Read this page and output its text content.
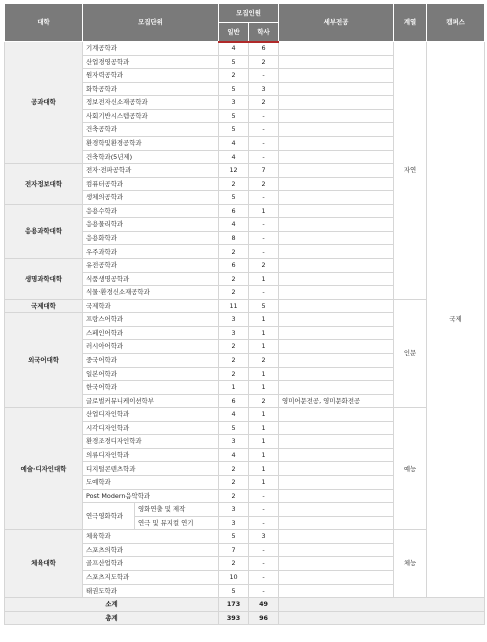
대학	모집단위		모집인원		세부전공	계열	캠퍼스
			일반	학사			
공과대학	기계공학과		4	6		자연	국제
	산업경영공학과		5	2			
	원자력공학과		2	-			
	화학공학과		5	3			
	정보전자신소재공학과		3	2			
	사회기반시스템공학과		5	-			
	건축공학과		5	-			
	환경학및환경공학과		4	-			
	건축학과(5년제)		4	-			
전자정보대학	전자·전파공학과		12	7			
	컴퓨터공학과		2	2			
	생체의공학과		5	-			
응용과학대학	응용수학과		6	1			
	응용물리학과		4	-			
	응용화학과		8	-			
	우주과학과		2	-			
생명과학대학	유전공학과		6	2			
	식품생명공학과		2	1			
	식물·환경신소재공학과		2	-			
국제대학	국제학과		11	5		인문	
외국어대학	프랑스어학과		3	1			
	스페인어학과		3	1			
	러시아어학과		2	1			
	중국어학과		2	2			
	일본어학과		2	1			
	한국어학과		1	1			
	글로벌커뮤니케이션학부		6	2	영미어문전공, 영미문화전공		
예술·디자인대학	산업디자인학과		4	1		예능	
	시각디자인학과		5	1			
	환경조경디자인학과		3	1			
	의류디자인학과		4	1			
	디지털콘텐츠학과		2	1			
	도예학과		2	1			
	Post Modern음악학과		2	-			
	연극영화학과	영화연출 및 제작	3	-			
		연극 및 뮤지컬 연기	3	-			
체육대학	체육학과		5	3		체능	
	스포츠의학과		7	-			
	골프산업학과		2	-			
	스포츠지도학과		10	-			
	태권도학과		5	-			
소계			173	49			
총계			393	96			
